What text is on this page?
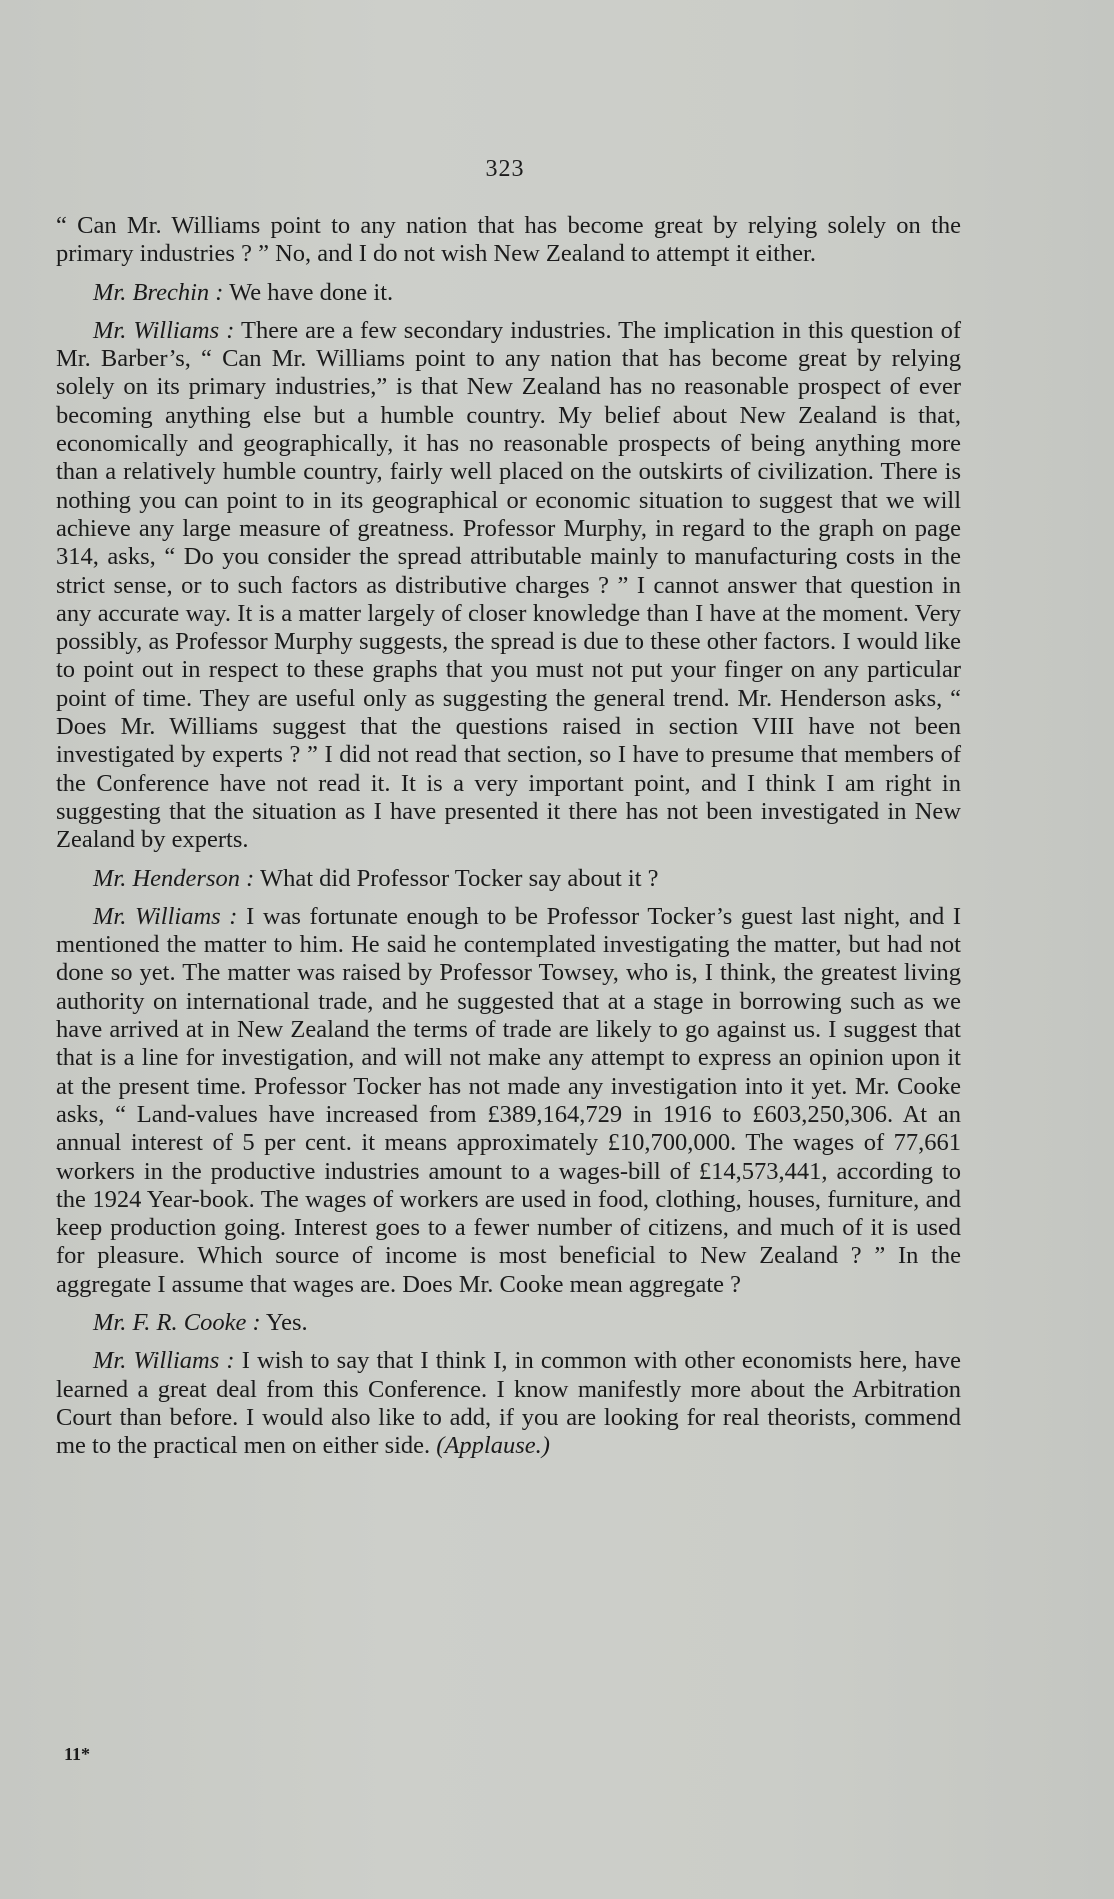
323

“ Can Mr. Williams point to any nation that has become great by relying solely on the primary industries ? ” No, and I do not wish New Zealand to attempt it either.

Mr. Brechin : We have done it.

Mr. Williams : There are a few secondary industries. The implication in this question of Mr. Barber’s, “ Can Mr. Williams point to any nation that has become great by relying solely on its primary industries,” is that New Zealand has no reasonable prospect of ever becoming anything else but a humble country. My belief about New Zealand is that, economically and geographically, it has no reasonable prospects of being anything more than a relatively humble country, fairly well placed on the outskirts of civilization. There is nothing you can point to in its geographical or economic situation to suggest that we will achieve any large measure of greatness. Professor Murphy, in regard to the graph on page 314, asks, “ Do you consider the spread attributable mainly to manufacturing costs in the strict sense, or to such factors as distributive charges ? ” I cannot answer that question in any accurate way. It is a matter largely of closer knowledge than I have at the moment. Very possibly, as Professor Murphy suggests, the spread is due to these other factors. I would like to point out in respect to these graphs that you must not put your finger on any particular point of time. They are useful only as suggesting the general trend. Mr. Henderson asks, “ Does Mr. Williams suggest that the questions raised in section VIII have not been investigated by experts ? ” I did not read that section, so I have to presume that members of the Conference have not read it. It is a very important point, and I think I am right in suggesting that the situation as I have presented it there has not been investigated in New Zealand by experts.

Mr. Henderson : What did Professor Tocker say about it ?

Mr. Williams : I was fortunate enough to be Professor Tocker’s guest last night, and I mentioned the matter to him. He said he contemplated investigating the matter, but had not done so yet. The matter was raised by Professor Towsey, who is, I think, the greatest living authority on international trade, and he suggested that at a stage in borrowing such as we have arrived at in New Zealand the terms of trade are likely to go against us. I suggest that that is a line for investigation, and will not make any attempt to express an opinion upon it at the present time. Professor Tocker has not made any investigation into it yet. Mr. Cooke asks, “ Land-values have increased from £389,164,729 in 1916 to £603,250,306. At an annual interest of 5 per cent. it means approximately £10,700,000. The wages of 77,661 workers in the productive industries amount to a wages-bill of £14,573,441, according to the 1924 Year-book. The wages of workers are used in food, clothing, houses, furniture, and keep production going. Interest goes to a fewer number of citizens, and much of it is used for pleasure. Which source of income is most beneficial to New Zealand ? ” In the aggregate I assume that wages are. Does Mr. Cooke mean aggregate ?

Mr. F. R. Cooke : Yes.

Mr. Williams : I wish to say that I think I, in common with other economists here, have learned a great deal from this Conference. I know manifestly more about the Arbitration Court than before. I would also like to add, if you are looking for real theorists, commend me to the practical men on either side. (Applause.)

11*
